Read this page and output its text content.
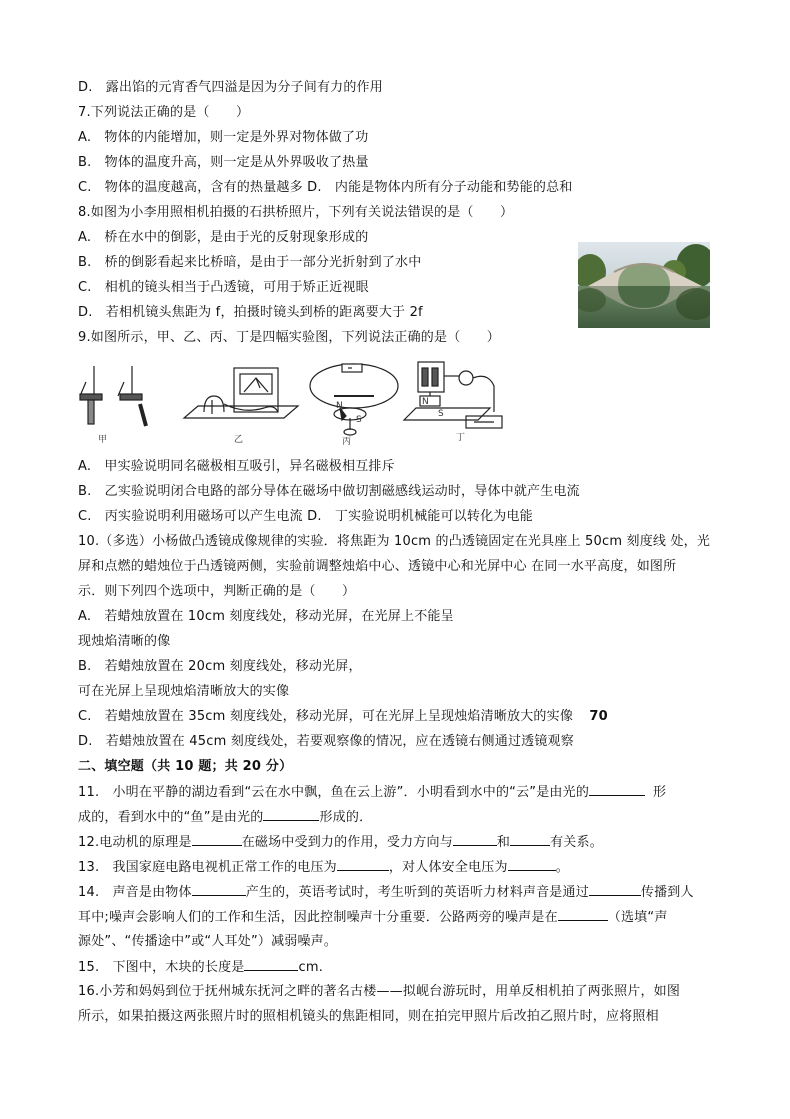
D.　露出馅的元宵香气四溢是因为分子间有力的作用
7.下列说法正确的是（　　）
A.　物体的内能增加，则一定是外界对物体做了功
B.　物体的温度升高，则一定是从外界吸收了热量
C.　物体的温度越高，含有的热量越多 D.　内能是物体内所有分子动能和势能的总和
8.如图为小李用照相机拍摄的石拱桥照片，下列有关说法错误的是（　　）
A.　桥在水中的倒影，是由于光的反射现象形成的
B.　桥的倒影看起来比桥暗，是由于一部分光折射到了水中
C.　相机的镜头相当于凸透镜，可用于矫正近视眼
D.　若相机镜头焦距为 f，拍摄时镜头到桥的距离要大于 2f
9.如图所示，甲、乙、丙、丁是四幅实验图，下列说法正确的是（　　）
甲	乙	丙	丁
N
S
N
S
A.　甲实验说明同名磁极相互吸引，异名磁极相互排斥
B.　乙实验说明闭合电路的部分导体在磁场中做切割磁感线运动时，导体中就产生电流
C.　丙实验说明利用磁场可以产生电流 D.　丁实验说明机械能可以转化为电能
10.（多选）小杨做凸透镜成像规律的实验．将焦距为 10cm 的凸透镜固定在光具座上 50cm 刻度线 处，光
屏和点燃的蜡烛位于凸透镜两侧，实验前调整烛焰中心、透镜中心和光屏中心 在同一水平高度，如图所
示．则下列四个选项中，判断正确的是（　　）
A.　若蜡烛放置在 10cm 刻度线处，移动光屏，在光屏上不能呈
现烛焰清晰的像
B.　若蜡烛放置在 20cm 刻度线处，移动光屏，
可在光屏上呈现烛焰清晰放大的实像
C.　若蜡烛放置在 35cm 刻度线处，移动光屏，可在光屏上呈现烛焰清晰放大的实像 70
D.　若蜡烛放置在 45cm 刻度线处，若要观察像的情况，应在透镜右侧通过透镜观察
二、填空题（共 10 题；共 20 分）
11.　小明在平静的湖边看到“云在水中飘，鱼在云上游”．小明看到水中的“云”是由光的	形
成的，看到水中的“鱼”是由光的	形成的．
12.电动机的原理是	在磁场中受到力的作用，受力方向与	和	有关系。
13.　我国家庭电路电视机正常工作的电压为	，对人体安全电压为	。
14.　声音是由物体	产生的，英语考试时，考生听到的英语听力材料声音是通过	传播到人
耳中;噪声会影响人们的工作和生活，因此控制噪声十分重要．公路两旁的噪声是在	（选填“声
源处”、“传播途中”或“人耳处”）减弱噪声。
15.　下图中，木块的长度是	cm.
16.小芳和妈妈到位于抚州城东抚河之畔的著名古楼——拟岘台游玩时，用单反相机拍了两张照片，如图
所示，如果拍摄这两张照片时的照相机镜头的焦距相同，则在拍完甲照片后改拍乙照片时，应将照相
